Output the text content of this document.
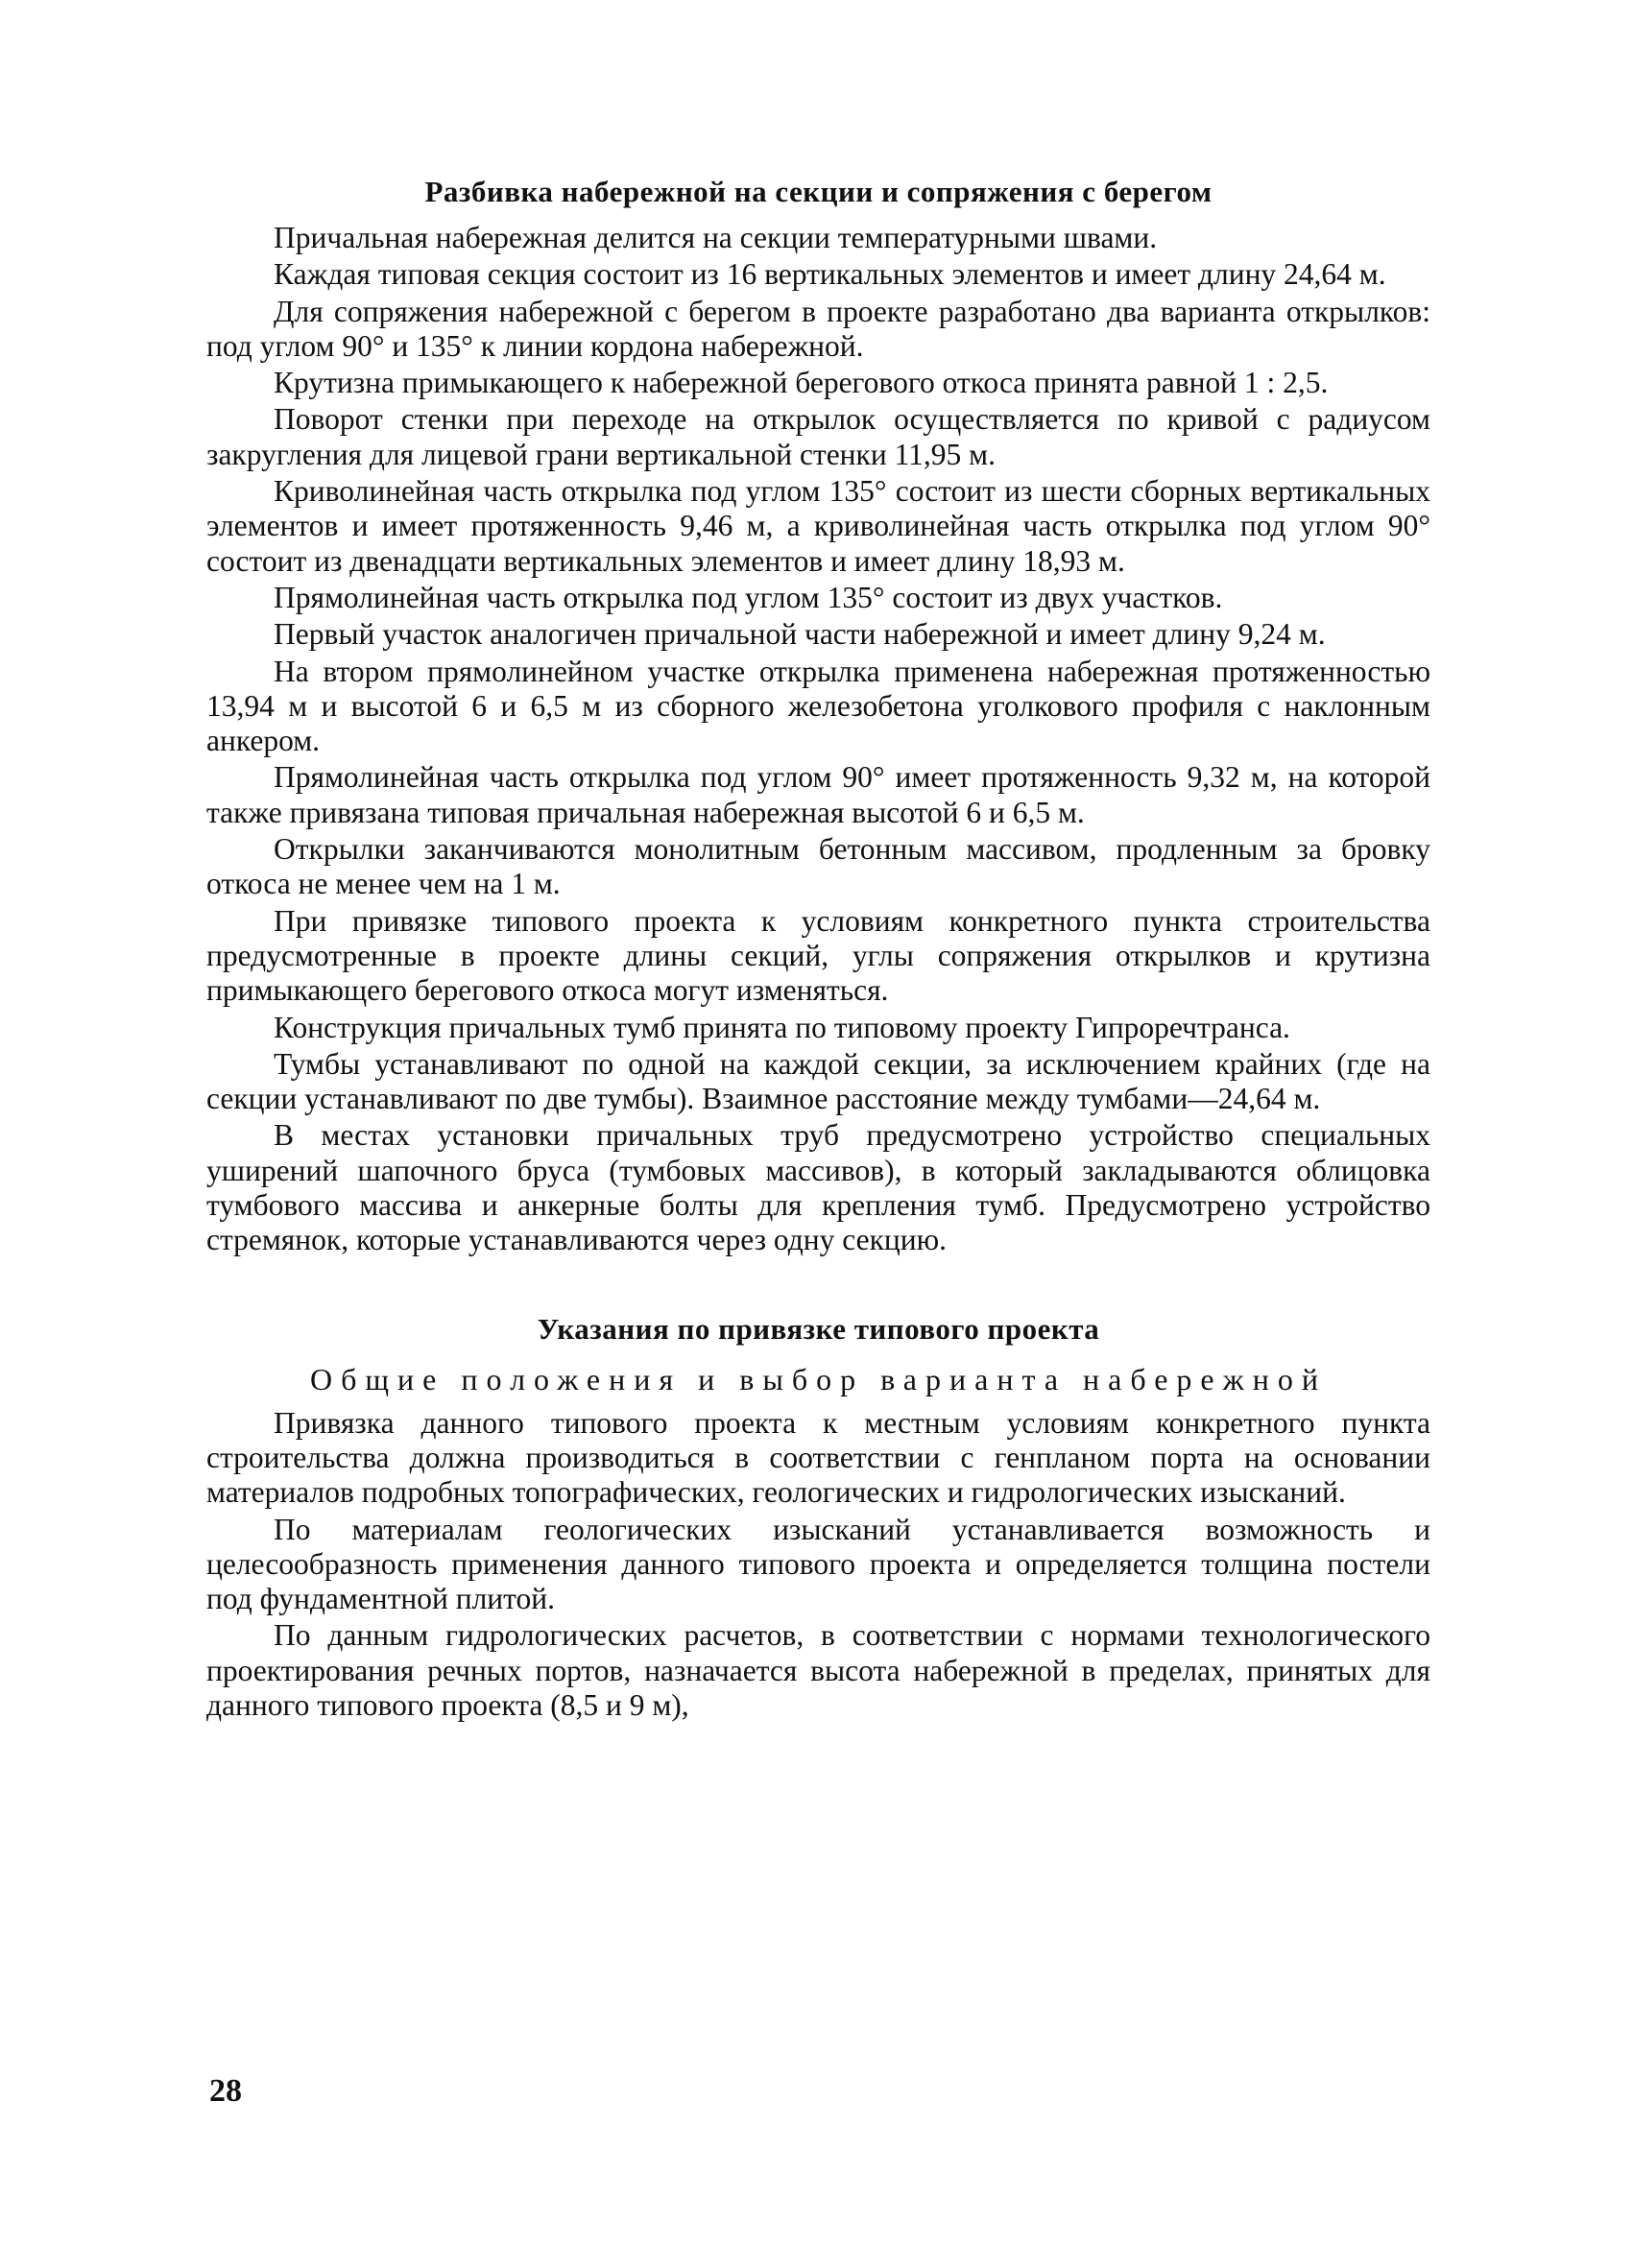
Разбивка набережной на секции и сопряжения с берегом

Причальная набережная делится на секции температурными швами.

Каждая типовая секция состоит из 16 вертикальных элементов и имеет длину 24,64 м.

Для сопряжения набережной с берегом в проекте разработано два варианта открылков: под углом 90° и 135° к линии кордона набережной.

Крутизна примыкающего к набережной берегового откоса принята равной 1 : 2,5.

Поворот стенки при переходе на открылок осуществляется по кривой с радиусом закругления для лицевой грани вертикальной стенки 11,95 м.

Криволинейная часть открылка под углом 135° состоит из шести сборных вертикальных элементов и имеет протяженность 9,46 м, а криволинейная часть открылка под углом 90° состоит из двенадцати вертикальных элементов и имеет длину 18,93 м.

Прямолинейная часть открылка под углом 135° состоит из двух участков.

Первый участок аналогичен причальной части набережной и имеет длину 9,24 м.

На втором прямолинейном участке открылка применена набережная протяженностью 13,94 м и высотой 6 и 6,5 м из сборного железобетона уголкового профиля с наклонным анкером.

Прямолинейная часть открылка под углом 90° имеет протяженность 9,32 м, на которой также привязана типовая причальная набережная высотой 6 и 6,5 м.

Открылки заканчиваются монолитным бетонным массивом, продленным за бровку откоса не менее чем на 1 м.

При привязке типового проекта к условиям конкретного пункта строительства предусмотренные в проекте длины секций, углы сопряжения открылков и крутизна примыкающего берегового откоса могут изменяться.

Конструкция причальных тумб принята по типовому проекту Гипроречтранса.

Тумбы устанавливают по одной на каждой секции, за исключением крайних (где на секции устанавливают по две тумбы). Взаимное расстояние между тумбами—24,64 м.

В местах установки причальных труб предусмотрено устройство специальных уширений шапочного бруса (тумбовых массивов), в который закладываются облицовка тумбового массива и анкерные болты для крепления тумб. Предусмотрено устройство стремянок, которые устанавливаются через одну секцию.

Указания по привязке типового проекта
Общие положения и выбор варианта набережной

Привязка данного типового проекта к местным условиям конкретного пункта строительства должна производиться в соответствии с генпланом порта на основании материалов подробных топографических, геологических и гидрологических изысканий.

По материалам геологических изысканий устанавливается возможность и целесообразность применения данного типового проекта и определяется толщина постели под фундаментной плитой.

По данным гидрологических расчетов, в соответствии с нормами технологического проектирования речных портов, назначается высота набережной в пределах, принятых для данного типового проекта (8,5 и 9 м),

28
